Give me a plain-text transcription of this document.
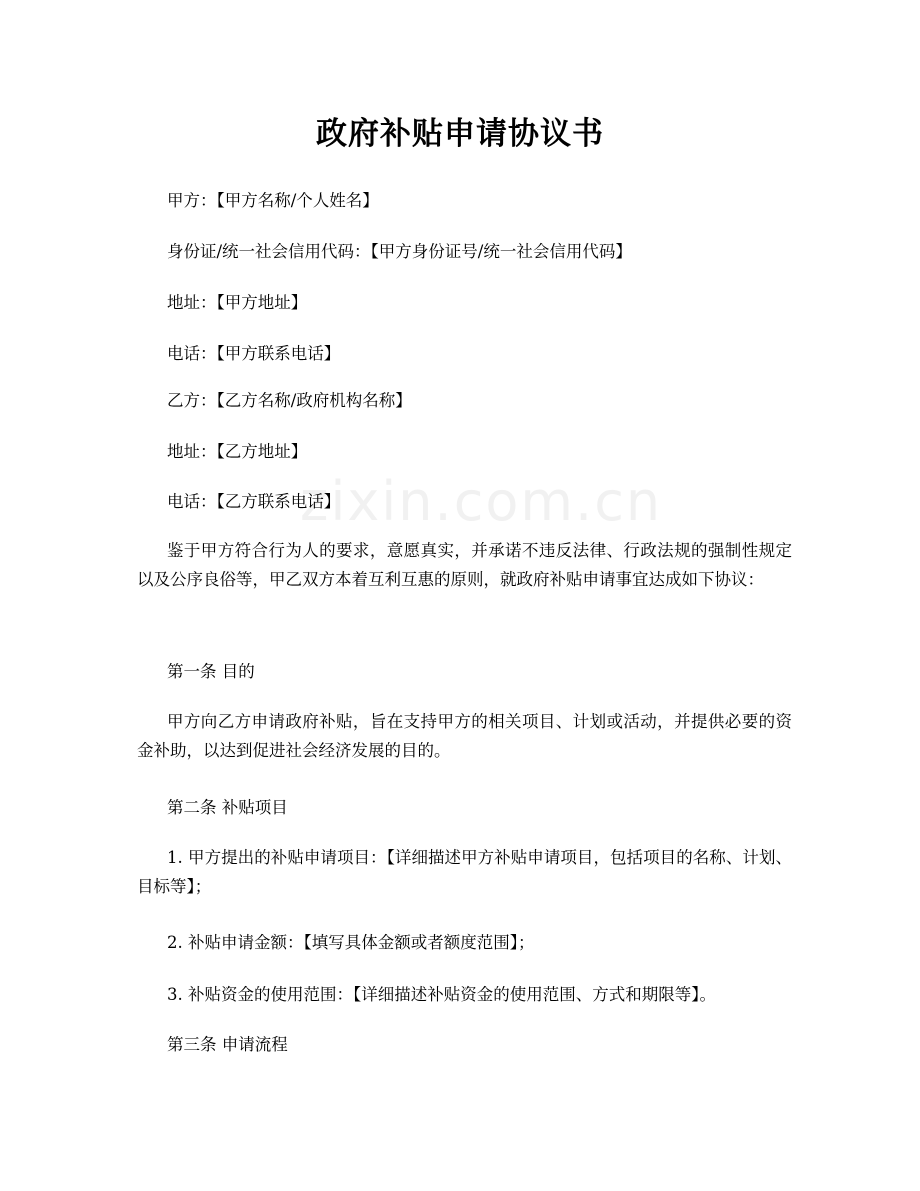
zixin.com.cn
政府补贴申请协议书

甲方：【甲方名称/个人姓名】

身份证/统一社会信用代码：【甲方身份证号/统一社会信用代码】

地址：【甲方地址】

电话：【甲方联系电话】

乙方：【乙方名称/政府机构名称】

地址：【乙方地址】

电话：【乙方联系电话】

鉴于甲方符合行为人的要求，意愿真实，并承诺不违反法律、行政法规的强制性规定以及公序良俗等，甲乙双方本着互利互惠的原则，就政府补贴申请事宜达成如下协议：

第一条 目的

甲方向乙方申请政府补贴，旨在支持甲方的相关项目、计划或活动，并提供必要的资金补助，以达到促进社会经济发展的目的。

第二条 补贴项目

1. 甲方提出的补贴申请项目：【详细描述甲方补贴申请项目，包括项目的名称、计划、目标等】；

2. 补贴申请金额：【填写具体金额或者额度范围】；

3. 补贴资金的使用范围：【详细描述补贴资金的使用范围、方式和期限等】。

第三条 申请流程
